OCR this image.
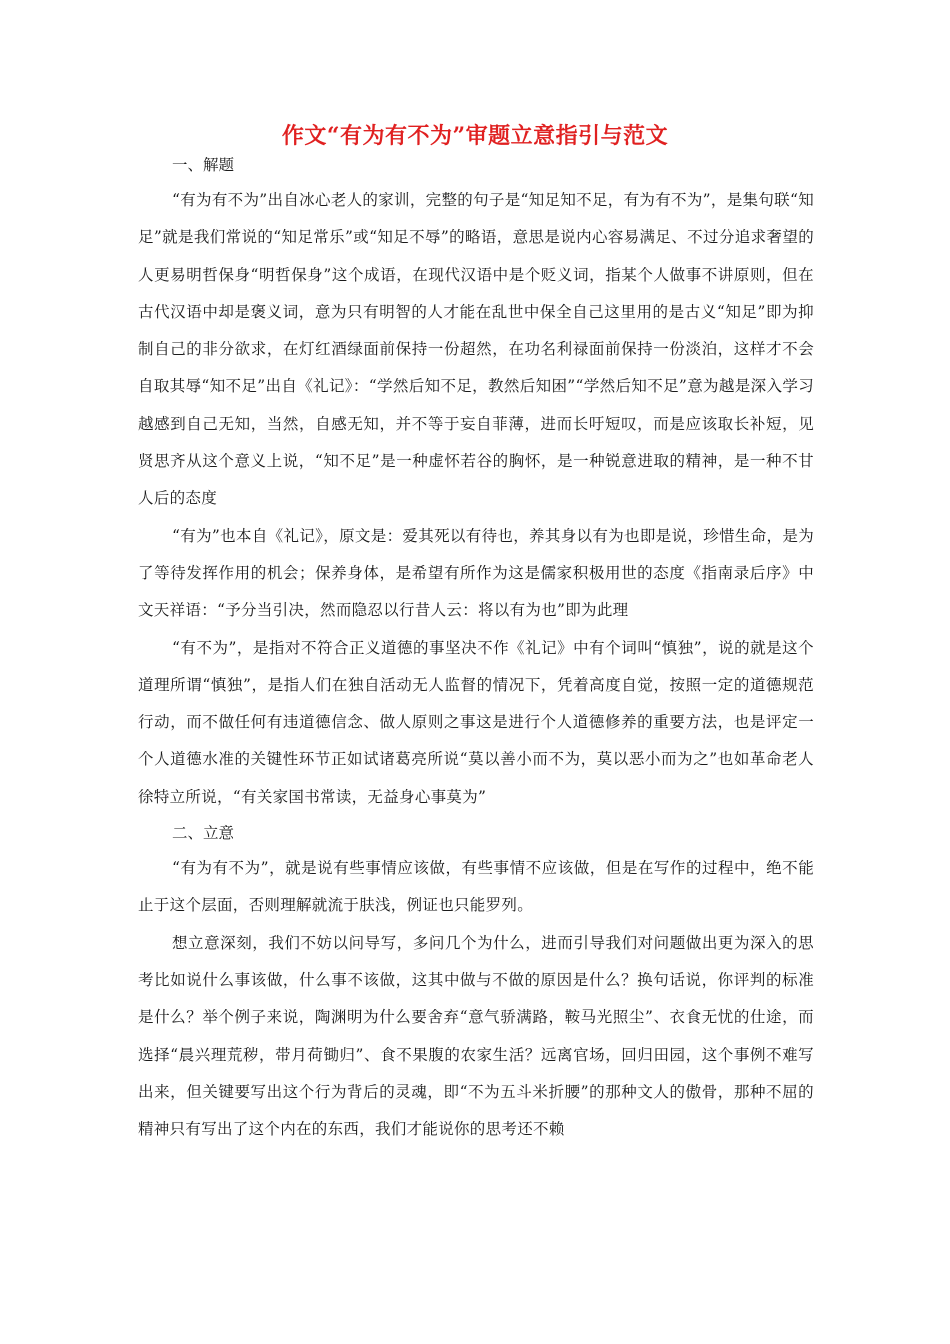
作文“有为有不为”审题立意指引与范文

一、解题

“有为有不为”出自冰心老人的家训，完整的句子是“知足知不足，有为有不为”，是集句联“知足”就是我们常说的“知足常乐”或“知足不辱”的略语，意思是说内心容易满足、不过分追求奢望的人更易明哲保身“明哲保身”这个成语，在现代汉语中是个贬义词，指某个人做事不讲原则，但在古代汉语中却是褒义词，意为只有明智的人才能在乱世中保全自己这里用的是古义“知足”即为抑制自己的非分欲求，在灯红酒绿面前保持一份超然，在功名利禄面前保持一份淡泊，这样才不会自取其辱“知不足”出自《礼记》：“学然后知不足，教然后知困”“学然后知不足”意为越是深入学习越感到自己无知，当然，自感无知，并不等于妄自菲薄，进而长吁短叹，而是应该取长补短，见贤思齐从这个意义上说，“知不足”是一种虚怀若谷的胸怀，是一种锐意进取的精神，是一种不甘人后的态度

“有为”也本自《礼记》，原文是：爱其死以有待也，养其身以有为也即是说，珍惜生命，是为了等待发挥作用的机会；保养身体，是希望有所作为这是儒家积极用世的态度《指南录后序》中文天祥语：“予分当引决，然而隐忍以行昔人云：将以有为也”即为此理

“有不为”，是指对不符合正义道德的事坚决不作《礼记》中有个词叫“慎独”，说的就是这个道理所谓“慎独”，是指人们在独自活动无人监督的情况下，凭着高度自觉，按照一定的道德规范行动，而不做任何有违道德信念、做人原则之事这是进行个人道德修养的重要方法，也是评定一个人道德水准的关键性环节正如试诸葛亮所说“莫以善小而不为，莫以恶小而为之”也如革命老人徐特立所说，“有关家国书常读，无益身心事莫为”

二、立意

“有为有不为”，就是说有些事情应该做，有些事情不应该做，但是在写作的过程中，绝不能止于这个层面，否则理解就流于肤浅，例证也只能罗列。

想立意深刻，我们不妨以问导写，多问几个为什么，进而引导我们对问题做出更为深入的思考比如说什么事该做，什么事不该做，这其中做与不做的原因是什么？换句话说，你评判的标准是什么？举个例子来说，陶渊明为什么要舍弃“意气骄满路，鞍马光照尘”、衣食无忧的仕途，而选择“晨兴理荒秽，带月荷锄归”、食不果腹的农家生活？远离官场，回归田园，这个事例不难写出来，但关键要写出这个行为背后的灵魂，即“不为五斗米折腰”的那种文人的傲骨，那种不屈的精神只有写出了这个内在的东西，我们才能说你的思考还不赖
